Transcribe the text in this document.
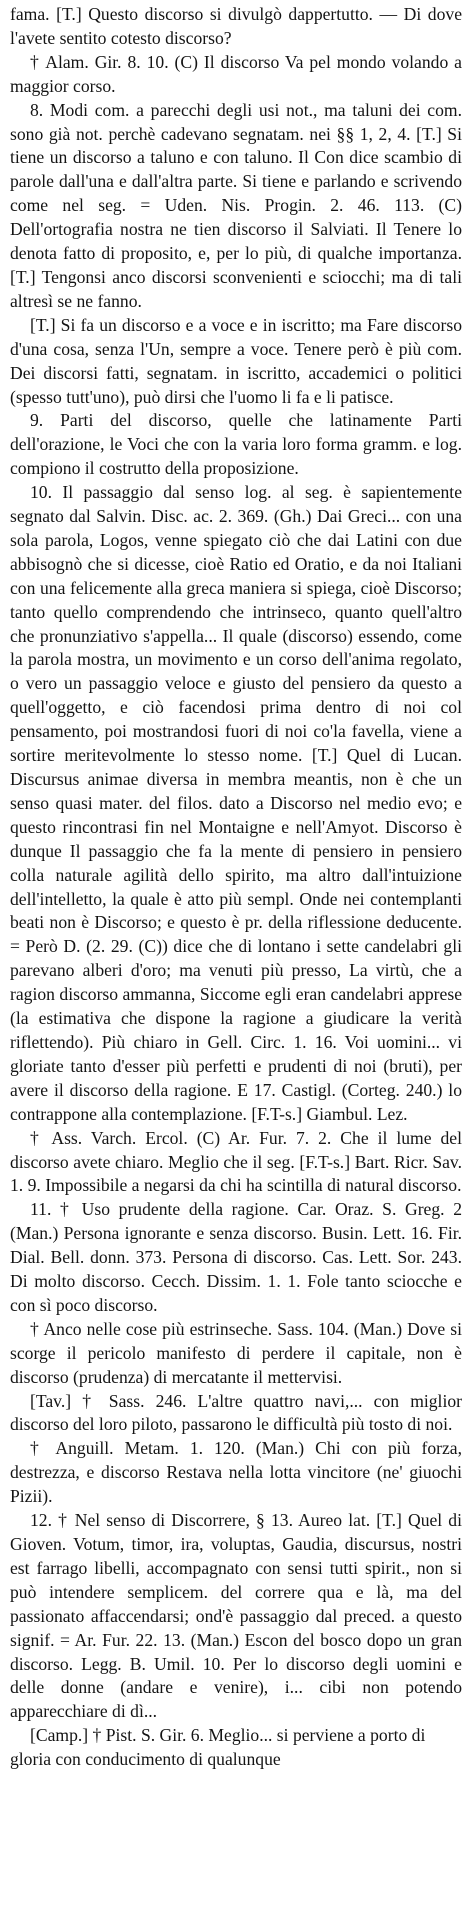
fama. [T.] Questo discorso si divulgò dappertutto. — Di dove l'avete sentito cotesto discorso?

† Alam. Gir. 8. 10. (C) Il discorso Va pel mondo volando a maggior corso.

8. Modi com. a parecchi degli usi not., ma taluni dei com. sono già not. perchè cadevano segnatam. nei §§ 1, 2, 4. [T.] Si tiene un discorso a taluno e con taluno. Il Con dice scambio di parole dall'una e dall'altra parte. Si tiene e parlando e scrivendo come nel seg. = Uden. Nis. Progin. 2. 46. 113. (C) Dell'ortografia nostra ne tien discorso il Salviati. Il Tenere lo denota fatto di proposito, e, per lo più, di qualche importanza. [T.] Tengonsi anco discorsi sconvenienti e sciocchi; ma di tali altresì se ne fanno.

[T.] Si fa un discorso e a voce e in iscritto; ma Fare discorso d'una cosa, senza l'Un, sempre a voce. Tenere però è più com. Dei discorsi fatti, segnatam. in iscritto, accademici o politici (spesso tutt'uno), può dirsi che l'uomo li fa e li patisce.

9. Parti del discorso, quelle che latinamente Parti dell'orazione, le Voci che con la varia loro forma gramm. e log. compiono il costrutto della proposizione.

10. Il passaggio dal senso log. al seg. è sapientemente segnato dal Salvin. Disc. ac. 2. 369. (Gh.) Dai Greci... con una sola parola, Logos, venne spiegato ciò che dai Latini con due abbisognò che si dicesse, cioè Ratio ed Oratio, e da noi Italiani con una felicemente alla greca maniera si spiega, cioè Discorso; tanto quello comprendendo che intrinseco, quanto quell'altro che pronunziativo s'appella... Il quale (discorso) essendo, come la parola mostra, un movimento e un corso dell'anima regolato, o vero un passaggio veloce e giusto del pensiero da questo a quell'oggetto, e ciò facendosi prima dentro di noi col pensamento, poi mostrandosi fuori di noi co'la favella, viene a sortire meritevolmente lo stesso nome. [T.] Quel di Lucan. Discursus animae diversa in membra meantis, non è che un senso quasi mater. del filos. dato a Discorso nel medio evo; e questo rincontrasi fin nel Montaigne e nell'Amyot. Discorso è dunque Il passaggio che fa la mente di pensiero in pensiero colla naturale agilità dello spirito, ma altro dall'intuizione dell'intelletto, la quale è atto più sempl. Onde nei contemplanti beati non è Discorso; e questo è pr. della riflessione deducente. = Però D. (2. 29. (C)) dice che di lontano i sette candelabri gli parevano alberi d'oro; ma venuti più presso, La virtù, che a ragion discorso ammanna, Siccome egli eran candelabri apprese (la estimativa che dispone la ragione a giudicare la verità riflettendo). Più chiaro in Gell. Circ. 1. 16. Voi uomini... vi gloriate tanto d'esser più perfetti e prudenti di noi (bruti), per avere il discorso della ragione. E 17. Castigl. (Corteg. 240.) lo contrappone alla contemplazione. [F.T-s.] Giambul. Lez.

† Ass. Varch. Ercol. (C) Ar. Fur. 7. 2. Che il lume del discorso avete chiaro. Meglio che il seg. [F.T-s.] Bart. Ricr. Sav. 1. 9. Impossibile a negarsi da chi ha scintilla di natural discorso.

11. † Uso prudente della ragione. Car. Oraz. S. Greg. 2 (Man.) Persona ignorante e senza discorso. Busin. Lett. 16. Fir. Dial. Bell. donn. 373. Persona di discorso. Cas. Lett. Sor. 243. Di molto discorso. Cecch. Dissim. 1. 1. Fole tanto sciocche e con sì poco discorso.

† Anco nelle cose più estrinseche. Sass. 104. (Man.) Dove si scorge il pericolo manifesto di perdere il capitale, non è discorso (prudenza) di mercatante il mettervisi.

[Tav.] † Sass. 246. L'altre quattro navi,... con miglior discorso del loro piloto, passarono le difficultà più tosto di noi.

† Anguill. Metam. 1. 120. (Man.) Chi con più forza, destrezza, e discorso Restava nella lotta vincitore (ne' giuochi Pizii).

12. † Nel senso di Discorrere, § 13. Aureo lat. [T.] Quel di Gioven. Votum, timor, ira, voluptas, Gaudia, discursus, nostri est farrago libelli, accompagnato con sensi tutti spirit., non si può intendere semplicem. del correre qua e là, ma del passionato affaccendarsi; ond'è passaggio dal preced. a questo signif. = Ar. Fur. 22. 13. (Man.) Escon del bosco dopo un gran discorso. Legg. B. Umil. 10. Per lo discorso degli uomini e delle donne (andare e venire), i... cibi non potendo apparecchiare di dì...

[Camp.] † Pist. S. Gir. 6. Meglio... si perviene a porto di gloria con conducimento di qualunque
